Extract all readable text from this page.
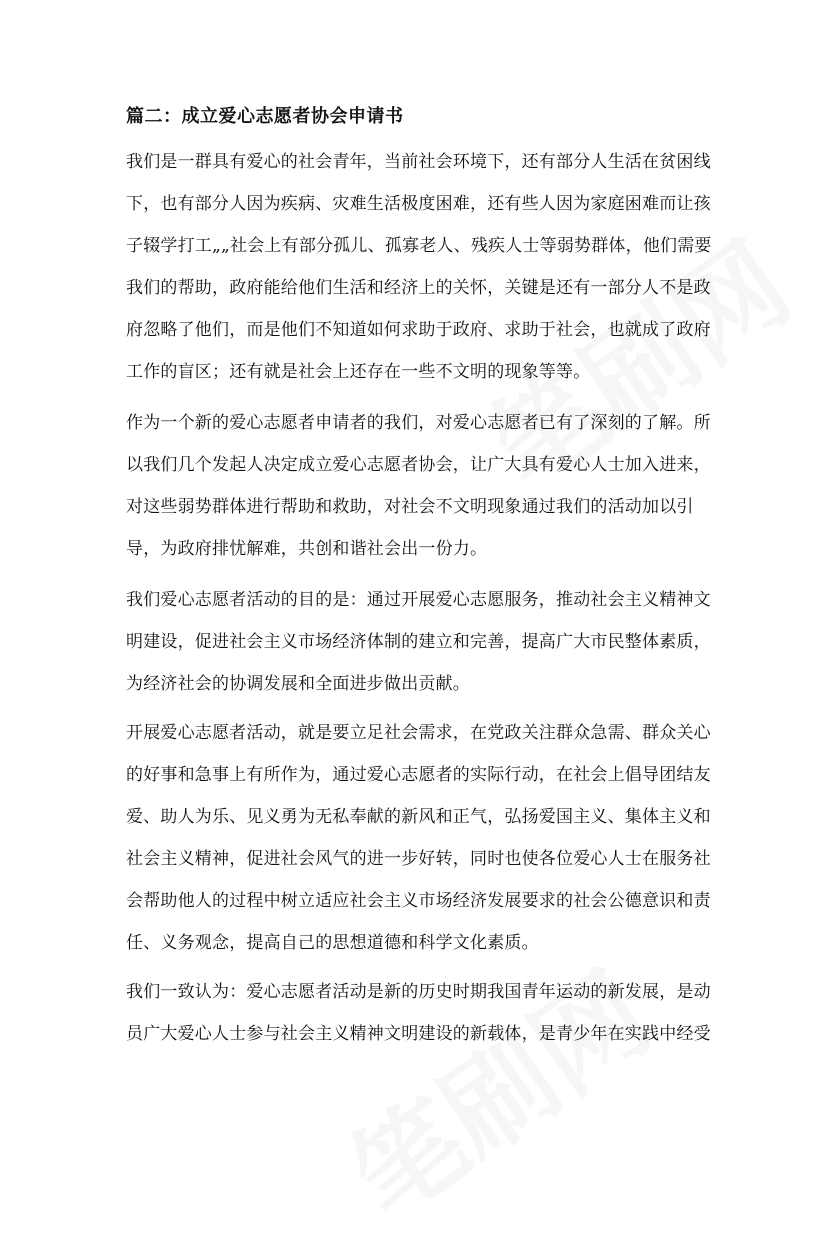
篇二：成立爱心志愿者协会申请书
我们是一群具有爱心的社会青年，当前社会环境下，还有部分人生活在贫困线
下，也有部分人因为疾病、灾难生活极度困难，还有些人因为家庭困难而让孩
子辍学打工„„社会上有部分孤儿、孤寡老人、残疾人士等弱势群体，他们需要
我们的帮助，政府能给他们生活和经济上的关怀，关键是还有一部分人不是政
府忽略了他们，而是他们不知道如何求助于政府、求助于社会，也就成了政府
工作的盲区；还有就是社会上还存在一些不文明的现象等等。
作为一个新的爱心志愿者申请者的我们，对爱心志愿者已有了深刻的了解。所
以我们几个发起人决定成立爱心志愿者协会，让广大具有爱心人士加入进来，
对这些弱势群体进行帮助和救助，对社会不文明现象通过我们的活动加以引
导，为政府排忧解难，共创和谐社会出一份力。
我们爱心志愿者活动的目的是：通过开展爱心志愿服务，推动社会主义精神文
明建设，促进社会主义市场经济体制的建立和完善，提高广大市民整体素质，
为经济社会的协调发展和全面进步做出贡献。
开展爱心志愿者活动，就是要立足社会需求，在党政关注群众急需、群众关心
的好事和急事上有所作为，通过爱心志愿者的实际行动，在社会上倡导团结友
爱、助人为乐、见义勇为无私奉献的新风和正气，弘扬爱国主义、集体主义和
社会主义精神，促进社会风气的进一步好转，同时也使各位爱心人士在服务社
会帮助他人的过程中树立适应社会主义市场经济发展要求的社会公德意识和责
任、义务观念，提高自己的思想道德和科学文化素质。
我们一致认为：爱心志愿者活动是新的历史时期我国青年运动的新发展，是动
员广大爱心人士参与社会主义精神文明建设的新载体，是青少年在实践中经受
